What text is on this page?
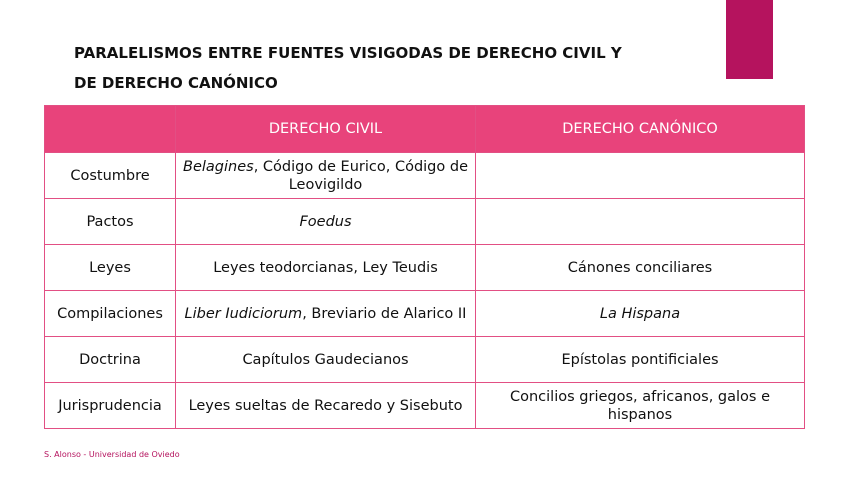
PARALELISMOS ENTRE FUENTES VISIGODAS DE DERECHO CIVIL Y
DE DERECHO CANÓNICO
	DERECHO CIVIL	DERECHO CANÓNICO
Costumbre	Belagines, Código de Eurico, Código de Leovigildo	
Pactos	Foedus	
Leyes	Leyes teodorcianas, Ley Teudis	Cánones conciliares
Compilaciones	Liber Iudiciorum, Breviario de Alarico II	La Hispana
Doctrina	Capítulos Gaudecianos	Epístolas pontificiales
Jurisprudencia	Leyes sueltas de Recaredo y Sisebuto	Concilios griegos, africanos, galos e hispanos
S. Alonso - Universidad de Oviedo
